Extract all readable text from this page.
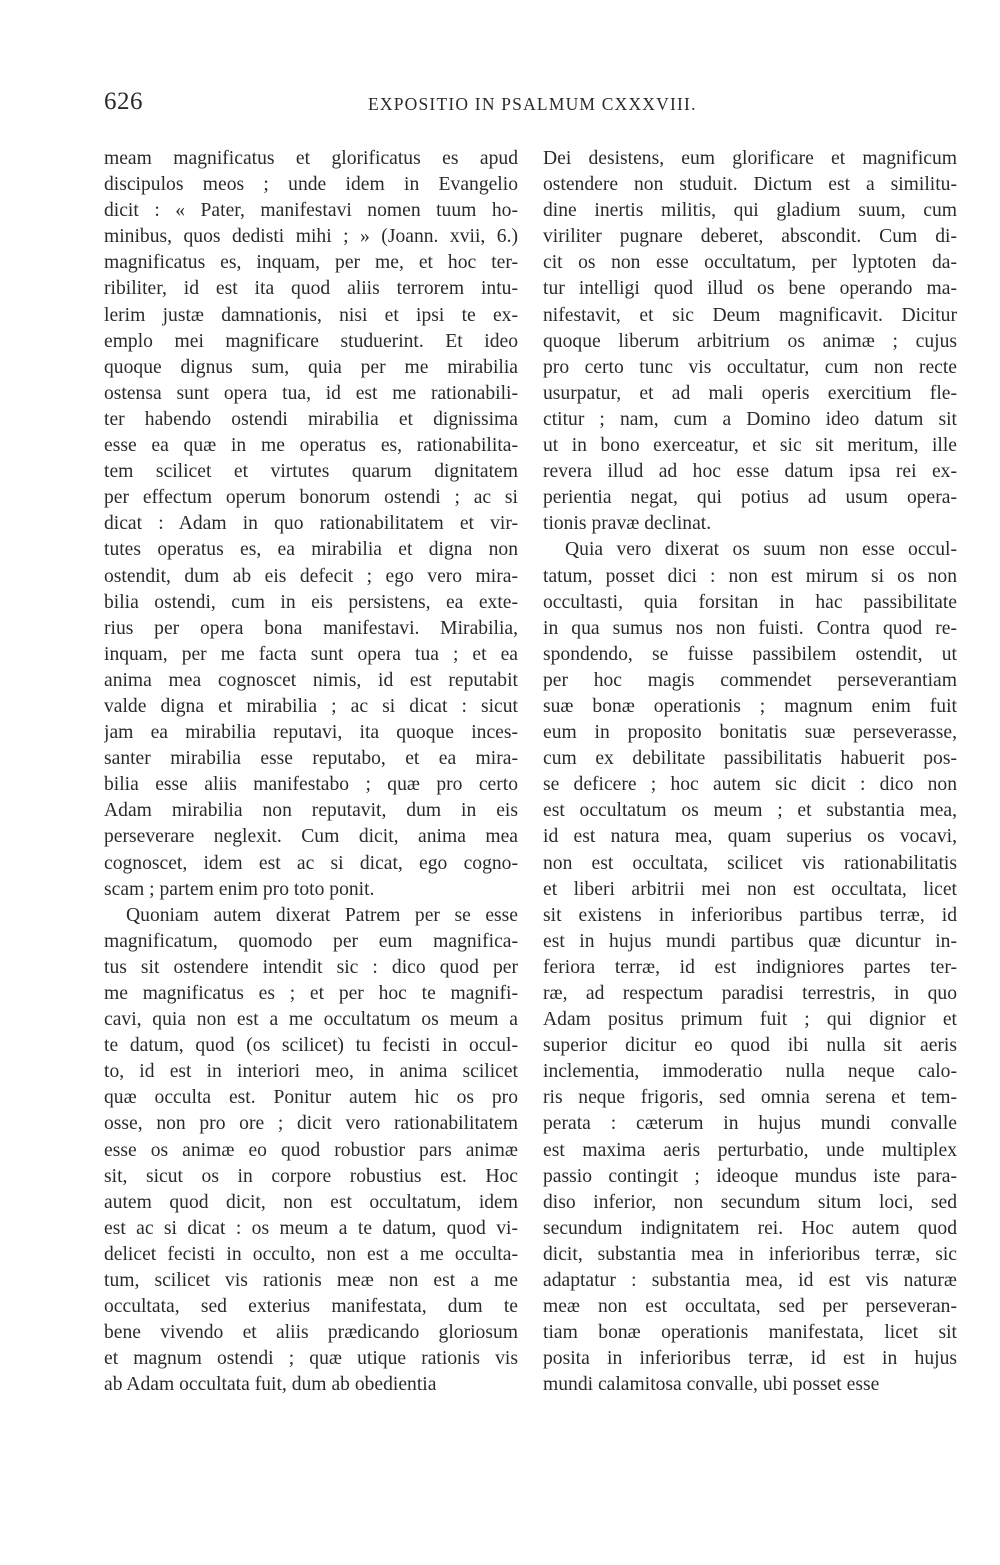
626	EXPOSITIO IN PSALMUM CXXXVIII.
meam magnificatus et glorificatus es apud
discipulos meos ; unde idem in Evangelio
dicit : « Pater, manifestavi nomen tuum ho-
minibus, quos dedisti mihi ; » (Joann. xvii, 6.)
magnificatus es, inquam, per me, et hoc ter-
ribiliter, id est ita quod aliis terrorem intu-
lerim justæ damnationis, nisi et ipsi te ex-
emplo mei magnificare studuerint. Et ideo
quoque dignus sum, quia per me mirabilia
ostensa sunt opera tua, id est me rationabili-
ter habendo ostendi mirabilia et dignissima
esse ea quæ in me operatus es, rationabilita-
tem scilicet et virtutes quarum dignitatem
per effectum operum bonorum ostendi ; ac si
dicat : Adam in quo rationabilitatem et vir-
tutes operatus es, ea mirabilia et digna non
ostendit, dum ab eis defecit ; ego vero mira-
bilia ostendi, cum in eis persistens, ea exte-
rius per opera bona manifestavi. Mirabilia,
inquam, per me facta sunt opera tua ; et ea
anima mea cognoscet nimis, id est reputabit
valde digna et mirabilia ; ac si dicat : sicut
jam ea mirabilia reputavi, ita quoque inces-
santer mirabilia esse reputabo, et ea mira-
bilia esse aliis manifestabo ; quæ pro certo
Adam mirabilia non reputavit, dum in eis
perseverare neglexit. Cum dicit, anima mea
cognoscet, idem est ac si dicat, ego cogno-
scam ; partem enim pro toto ponit.
Quoniam autem dixerat Patrem per se esse
magnificatum, quomodo per eum magnifica-
tus sit ostendere intendit sic : dico quod per
me magnificatus es ; et per hoc te magnifi-
cavi, quia non est a me occultatum os meum a
te datum, quod (os scilicet) tu fecisti in occul-
to, id est in interiori meo, in anima scilicet
quæ occulta est. Ponitur autem hic os pro
osse, non pro ore ; dicit vero rationabilitatem
esse os animæ eo quod robustior pars animæ
sit, sicut os in corpore robustius est. Hoc
autem quod dicit, non est occultatum, idem
est ac si dicat : os meum a te datum, quod vi-
delicet fecisti in occulto, non est a me occulta-
tum, scilicet vis rationis meæ non est a me
occultata, sed exterius manifestata, dum te
bene vivendo et aliis prædicando gloriosum
et magnum ostendi ; quæ utique rationis vis
ab Adam occultata fuit, dum ab obedientia
Dei desistens, eum glorificare et magnificum
ostendere non studuit. Dictum est a similitu-
dine inertis militis, qui gladium suum, cum
viriliter pugnare deberet, abscondit. Cum di-
cit os non esse occultatum, per lyptoten da-
tur intelligi quod illud os bene operando ma-
nifestavit, et sic Deum magnificavit. Dicitur
quoque liberum arbitrium os animæ ; cujus
pro certo tunc vis occultatur, cum non recte
usurpatur, et ad mali operis exercitium fle-
ctitur ; nam, cum a Domino ideo datum sit
ut in bono exerceatur, et sic sit meritum, ille
revera illud ad hoc esse datum ipsa rei ex-
perientia negat, qui potius ad usum opera-
tionis pravæ declinat.
Quia vero dixerat os suum non esse occul-
tatum, posset dici : non est mirum si os non
occultasti, quia forsitan in hac passibilitate
in qua sumus nos non fuisti. Contra quod re-
spondendo, se fuisse passibilem ostendit, ut
per hoc magis commendet perseverantiam
suæ bonæ operationis ; magnum enim fuit
eum in proposito bonitatis suæ perseverasse,
cum ex debilitate passibilitatis habuerit pos-
se deficere ; hoc autem sic dicit : dico non
est occultatum os meum ; et substantia mea,
id est natura mea, quam superius os vocavi,
non est occultata, scilicet vis rationabilitatis
et liberi arbitrii mei non est occultata, licet
sit existens in inferioribus partibus terræ, id
est in hujus mundi partibus quæ dicuntur in-
feriora terræ, id est indigniores partes ter-
ræ, ad respectum paradisi terrestris, in quo
Adam positus primum fuit ; qui dignior et
superior dicitur eo quod ibi nulla sit aeris
inclementia, immoderatio nulla neque calo-
ris neque frigoris, sed omnia serena et tem-
perata : cæterum in hujus mundi convalle
est maxima aeris perturbatio, unde multiplex
passio contingit ; ideoque mundus iste para-
diso inferior, non secundum situm loci, sed
secundum indignitatem rei. Hoc autem quod
dicit, substantia mea in inferioribus terræ, sic
adaptatur : substantia mea, id est vis naturæ
meæ non est occultata, sed per perseveran-
tiam bonæ operationis manifestata, licet sit
posita in inferioribus terræ, id est in hujus
mundi calamitosa convalle, ubi posset esse
